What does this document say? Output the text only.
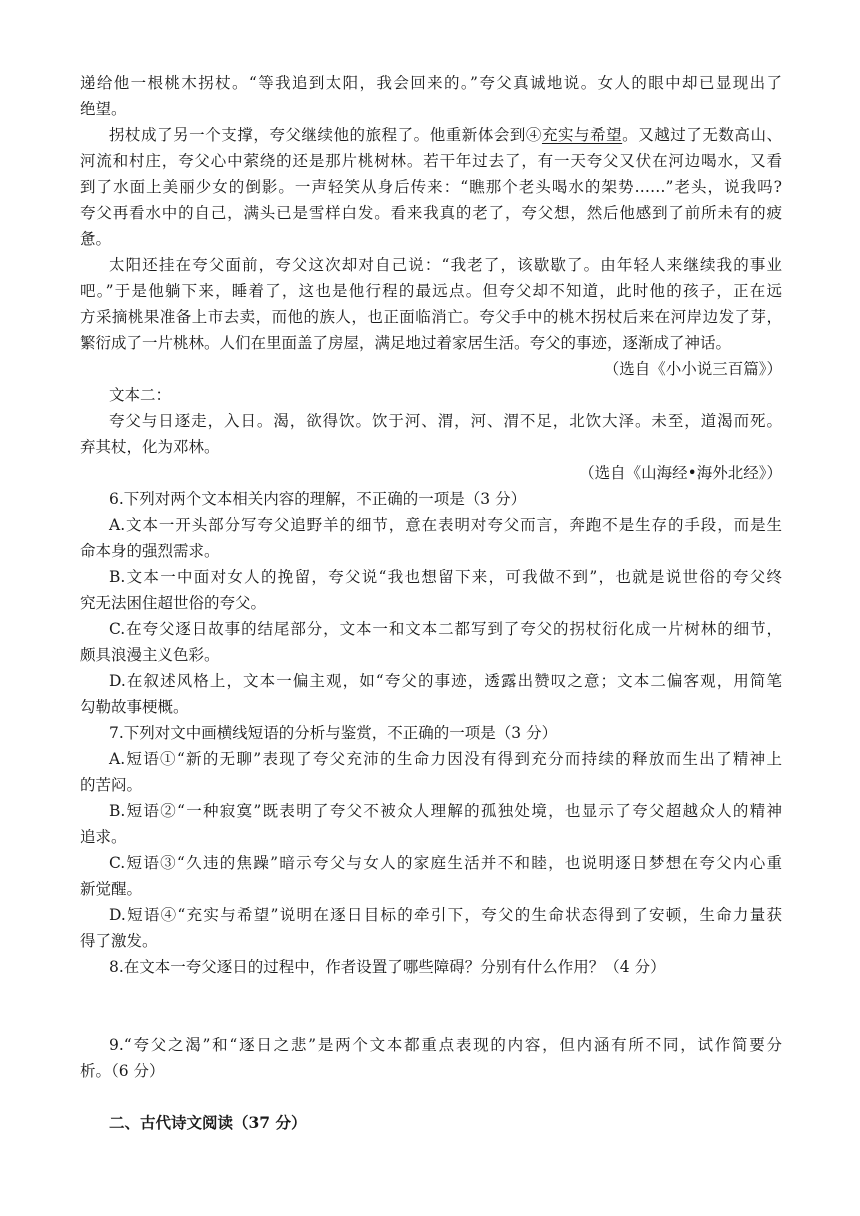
递给他一根桃木拐杖。“等我追到太阳，我会回来的。”夸父真诚地说。女人的眼中却已显现出了
绝望。
拐杖成了另一个支撑，夸父继续他的旅程了。他重新体会到④充实与希望。又越过了无数高山、
河流和村庄，夸父心中萦绕的还是那片桃树林。若干年过去了，有一天夸父又伏在河边喝水，又看
到了水面上美丽少女的倒影。一声轻笑从身后传来：“瞧那个老头喝水的架势……”老头，说我吗?
夸父再看水中的自己，满头已是雪样白发。看来我真的老了，夸父想，然后他感到了前所未有的疲
惫。
太阳还挂在夸父面前，夸父这次却对自己说：“我老了，该歇歇了。由年轻人来继续我的事业
吧。”于是他躺下来，睡着了，这也是他行程的最远点。但夸父却不知道，此时他的孩子，正在远
方采摘桃果准备上市去卖，而他的族人，也正面临消亡。夸父手中的桃木拐杖后来在河岸边发了芽，
繁衍成了一片桃林。人们在里面盖了房屋，满足地过着家居生活。夸父的事迹，逐渐成了神话。
（选自《小小说三百篇》）
文本二：
夸父与日逐走，入日。渴，欲得饮。饮于河、渭，河、渭不足，北饮大泽。未至，道渴而死。
弃其杖，化为邓林。
（选自《山海经•海外北经》）
6.下列对两个文本相关内容的理解，不正确的一项是（3 分）
A.文本一开头部分写夸父追野羊的细节，意在表明对夸父而言，奔跑不是生存的手段，而是生
命本身的强烈需求。
B.文本一中面对女人的挽留，夸父说“我也想留下来，可我做不到”，也就是说世俗的夸父终
究无法困住超世俗的夸父。
C.在夸父逐日故事的结尾部分，文本一和文本二都写到了夸父的拐杖衍化成一片树林的细节，
颇具浪漫主义色彩。
D.在叙述风格上，文本一偏主观，如“夸父的事迹，透露出赞叹之意；文本二偏客观，用简笔
勾勒故事梗概。
7.下列对文中画横线短语的分析与鉴赏，不正确的一项是（3 分）
A.短语①“新的无聊”表现了夸父充沛的生命力因没有得到充分而持续的释放而生出了精神上
的苦闷。
B.短语②“一种寂寞”既表明了夸父不被众人理解的孤独处境，也显示了夸父超越众人的精神
追求。
C.短语③“久违的焦躁”暗示夸父与女人的家庭生活并不和睦，也说明逐日梦想在夸父内心重
新觉醒。
D.短语④“充实与希望”说明在逐日目标的牵引下，夸父的生命状态得到了安顿，生命力量获
得了激发。
8.在文本一夸父逐日的过程中，作者设置了哪些障碍？分别有什么作用？（4 分）
9.“夸父之渴”和“逐日之悲”是两个文本都重点表现的内容，但内涵有所不同，试作简要分
析。（6 分）
二、古代诗文阅读（37 分）
